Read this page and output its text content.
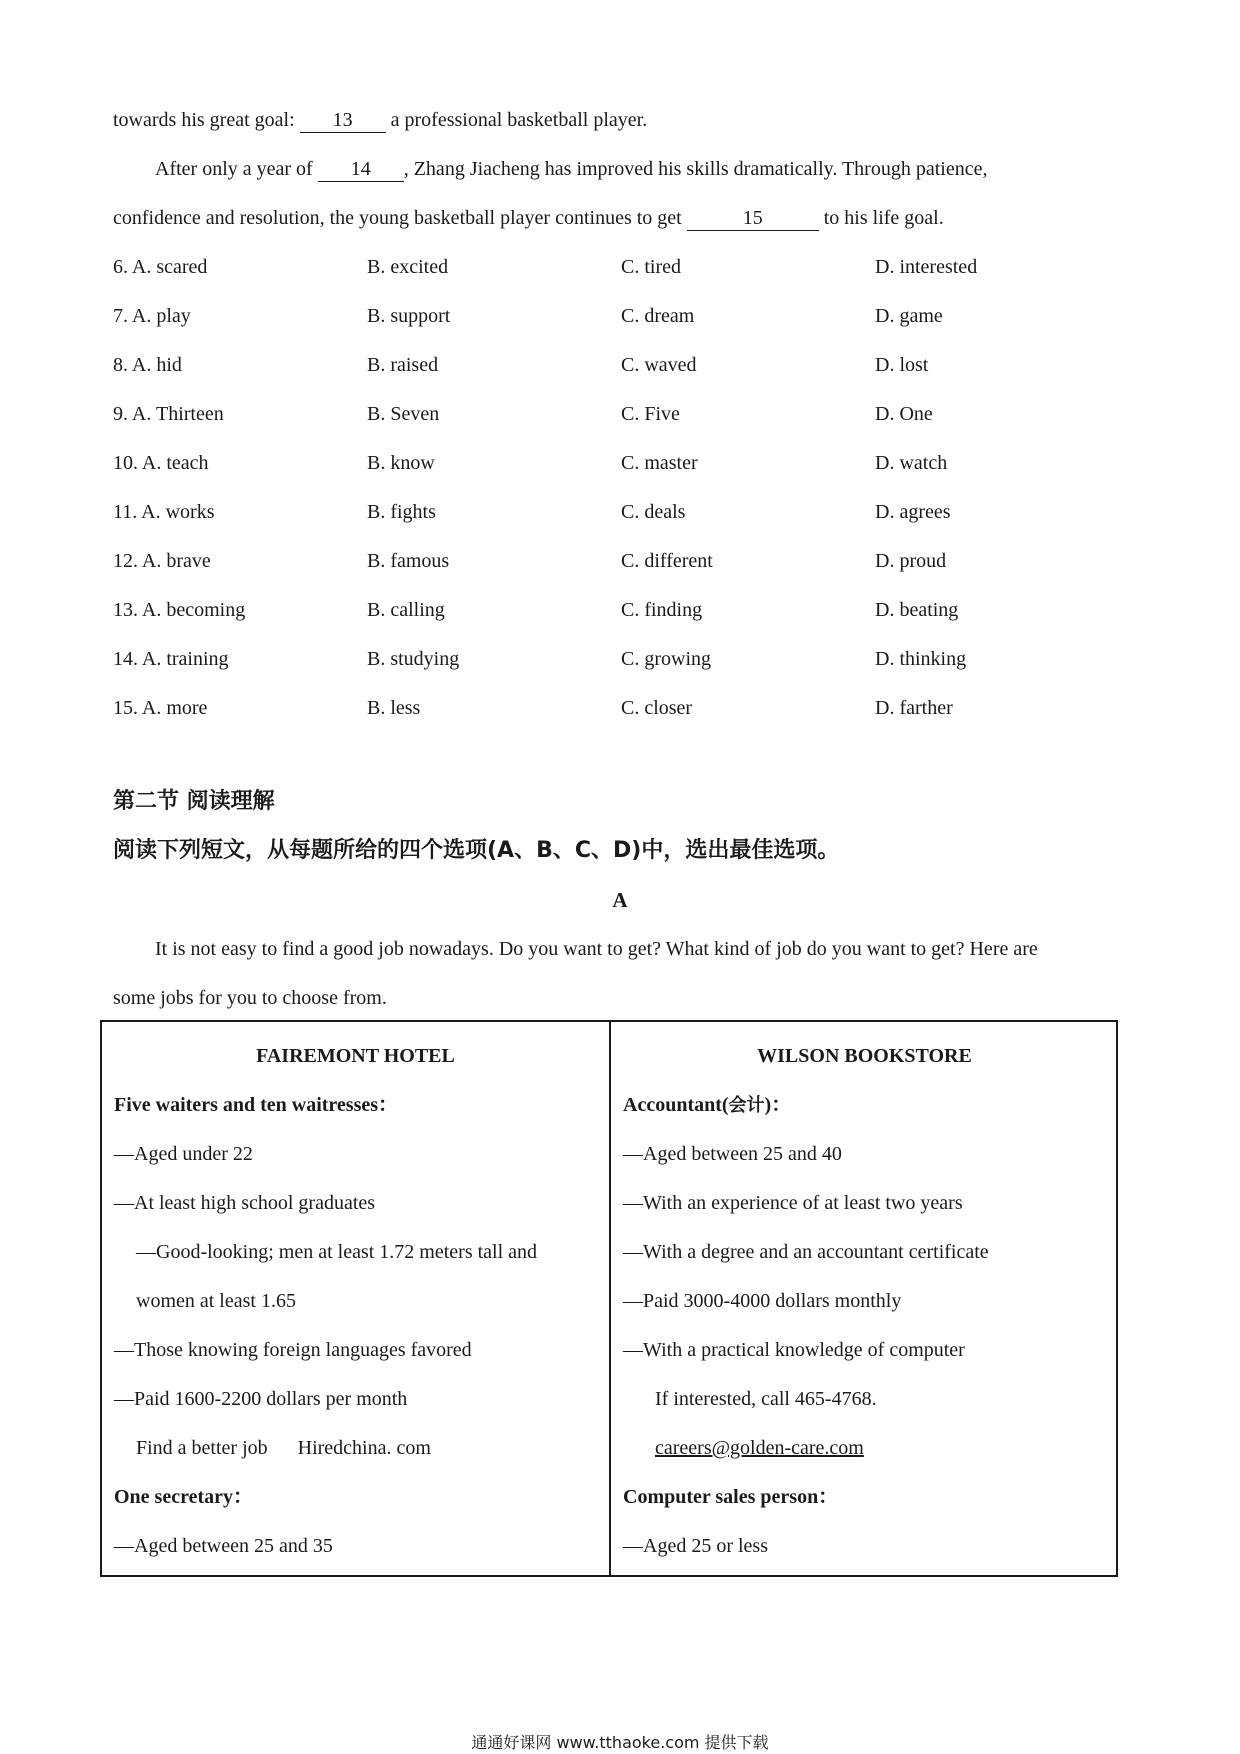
towards his great goal: 13 a professional basketball player.
After only a year of 14 , Zhang Jiacheng has improved his skills dramatically. Through patience,
confidence and resolution, the young basketball player continues to get	15	to his life goal.
6. A. scared	B. excited	C. tired	D. interested
7. A. play	B. support	C. dream	D. game
8. A. hid	B. raised	C. waved	D. lost
9. A. Thirteen	B. Seven	C. Five	D. One
10. A. teach	B. know	C. master	D. watch
11. A. works	B. fights	C. deals	D. agrees
12. A. brave	B. famous	C. different	D. proud
13. A. becoming	B. calling	C. finding	D. beating
14. A. training	B. studying	C. growing	D. thinking
15. A. more	B. less	C. closer	D. farther
第二节 阅读理解
阅读下列短文，从每题所给的四个选项(A、B、C、D)中，选出最佳选项。
A
It is not easy to find a good job nowadays. Do you want to get? What kind of job do you want to get? Here are
some jobs for you to choose from.
FAIREMONT HOTEL
Five waiters and ten waitresses：
—Aged under 22
—At least high school graduates
—Good-looking; men at least 1.72 meters tall and
women at least 1.65
—Those knowing foreign languages favored
—Paid 1600-2200 dollars per month
Find a better job      Hiredchina. com
One secretary：
—Aged between 25 and 35
WILSON BOOKSTORE
Accountant(会计)：
—Aged between 25 and 40
—With an experience of at least two years
—With a degree and an accountant certificate
—Paid 3000-4000 dollars monthly
—With a practical knowledge of computer
If interested, call 465-4768.
careers@golden-care.com
Computer sales person：
—Aged 25 or less
通通好课网 www.tthaoke.com 提供下载
